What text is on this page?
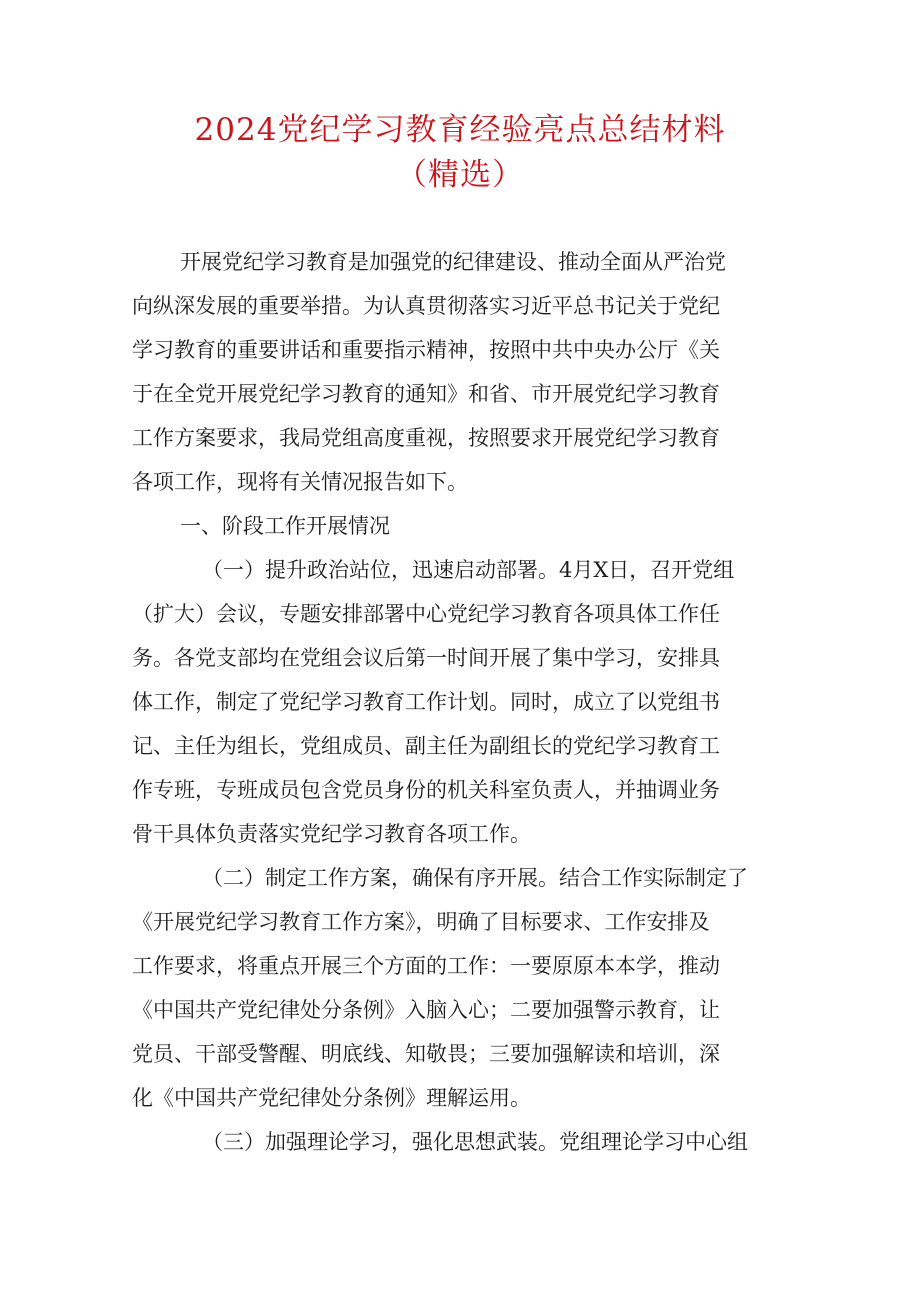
2024党纪学习教育经验亮点总结材料
（精选）
开展党纪学习教育是加强党的纪律建设、推动全面从严治党
向纵深发展的重要举措。为认真贯彻落实习近平总书记关于党纪
学习教育的重要讲话和重要指示精神，按照中共中央办公厅《关
于在全党开展党纪学习教育的通知》和省、市开展党纪学习教育
工作方案要求，我局党组高度重视，按照要求开展党纪学习教育
各项工作，现将有关情况报告如下。
一、阶段工作开展情况
（一）提升政治站位，迅速启动部署。4月X日，召开党组
（扩大）会议，专题安排部署中心党纪学习教育各项具体工作任
务。各党支部均在党组会议后第一时间开展了集中学习，安排具
体工作，制定了党纪学习教育工作计划。同时，成立了以党组书
记、主任为组长，党组成员、副主任为副组长的党纪学习教育工
作专班，专班成员包含党员身份的机关科室负责人，并抽调业务
骨干具体负责落实党纪学习教育各项工作。
（二）制定工作方案，确保有序开展。结合工作实际制定了
《开展党纪学习教育工作方案》，明确了目标要求、工作安排及
工作要求，将重点开展三个方面的工作：一要原原本本学，推动
《中国共产党纪律处分条例》入脑入心；二要加强警示教育，让
党员、干部受警醒、明底线、知敬畏；三要加强解读和培训，深
化《中国共产党纪律处分条例》理解运用。
（三）加强理论学习，强化思想武装。党组理论学习中心组
